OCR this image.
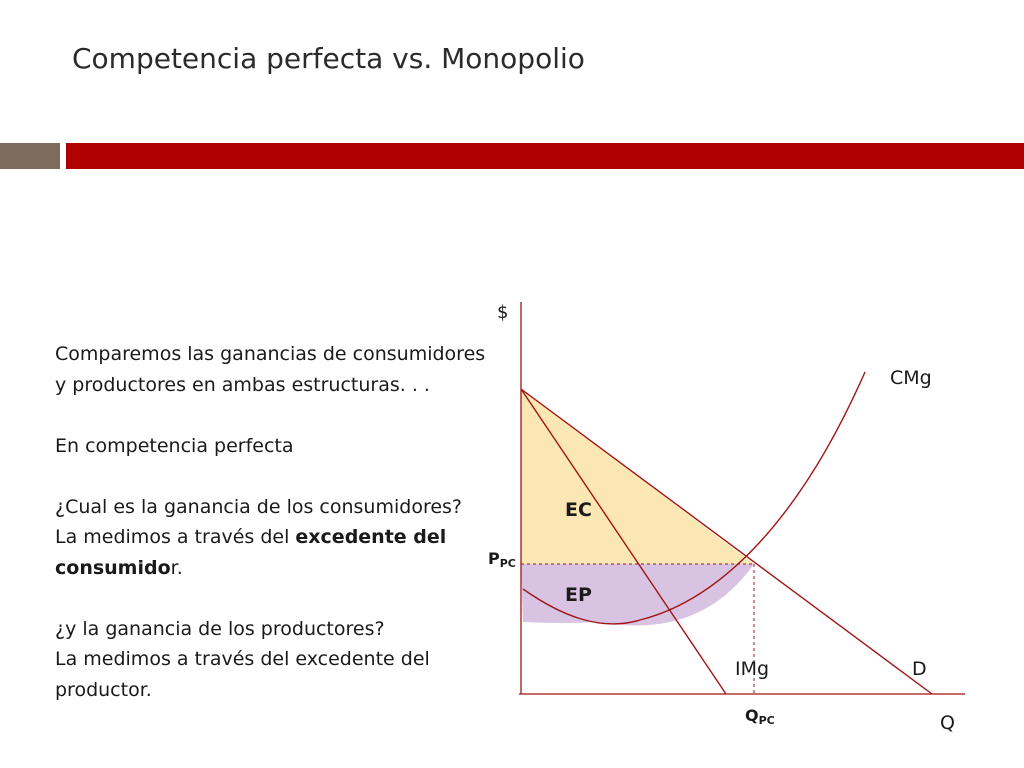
Competencia perfecta vs. Monopolio

Comparemos las ganancias de consumidores y productores en ambas estructuras. . .

En competencia perfecta

¿Cual es la ganancia de los consumidores?

La medimos a través del excedente del consumidor.

¿y la ganancia de los productores?

La medimos a través del excedente del productor.

$
Q
CMg
IMg	D
EC
EP
PPC
QPC
